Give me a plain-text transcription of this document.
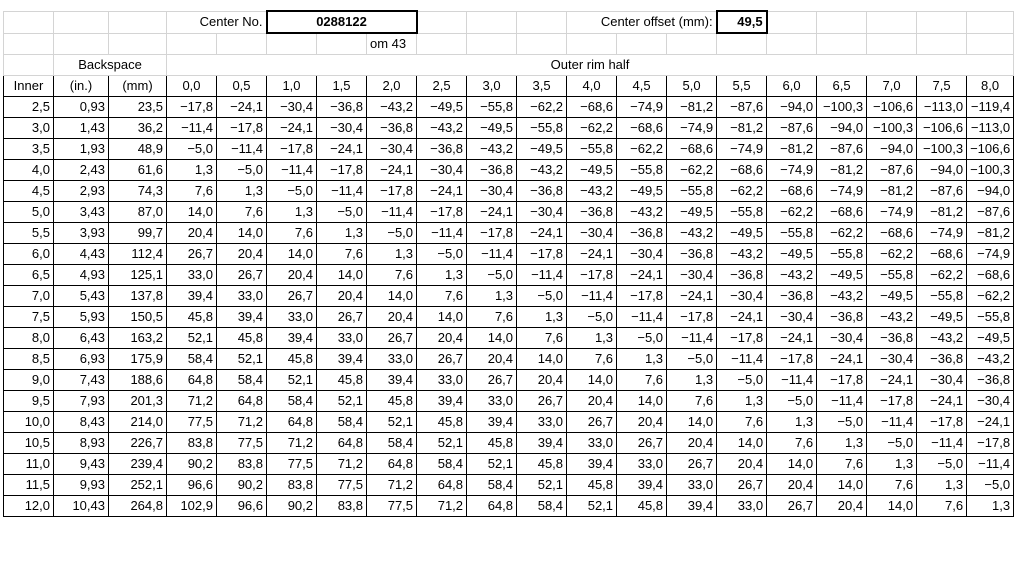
			Center No.		0288122						Center offset (mm):			49,5						
							om 43													
	Backspace		Outer rim half																	
Inner	(in.)	(mm)	0,0	0,5	1,0	1,5	2,0	2,5	3,0	3,5	4,0	4,5	5,0	5,5	6,0	6,5	7,0	7,5	8,0	
2,5	0,93	23,5	−17,8	−24,1	−30,4	−36,8	−43,2	−49,5	−55,8	−62,2	−68,6	−74,9	−81,2	−87,6	−94,0	−100,3	−106,6	−113,0	−119,4	
3,0	1,43	36,2	−11,4	−17,8	−24,1	−30,4	−36,8	−43,2	−49,5	−55,8	−62,2	−68,6	−74,9	−81,2	−87,6	−94,0	−100,3	−106,6	−113,0	
3,5	1,93	48,9	−5,0	−11,4	−17,8	−24,1	−30,4	−36,8	−43,2	−49,5	−55,8	−62,2	−68,6	−74,9	−81,2	−87,6	−94,0	−100,3	−106,6	
4,0	2,43	61,6	1,3	−5,0	−11,4	−17,8	−24,1	−30,4	−36,8	−43,2	−49,5	−55,8	−62,2	−68,6	−74,9	−81,2	−87,6	−94,0	−100,3	
4,5	2,93	74,3	7,6	1,3	−5,0	−11,4	−17,8	−24,1	−30,4	−36,8	−43,2	−49,5	−55,8	−62,2	−68,6	−74,9	−81,2	−87,6	−94,0	
5,0	3,43	87,0	14,0	7,6	1,3	−5,0	−11,4	−17,8	−24,1	−30,4	−36,8	−43,2	−49,5	−55,8	−62,2	−68,6	−74,9	−81,2	−87,6	
5,5	3,93	99,7	20,4	14,0	7,6	1,3	−5,0	−11,4	−17,8	−24,1	−30,4	−36,8	−43,2	−49,5	−55,8	−62,2	−68,6	−74,9	−81,2	
6,0	4,43	112,4	26,7	20,4	14,0	7,6	1,3	−5,0	−11,4	−17,8	−24,1	−30,4	−36,8	−43,2	−49,5	−55,8	−62,2	−68,6	−74,9	
6,5	4,93	125,1	33,0	26,7	20,4	14,0	7,6	1,3	−5,0	−11,4	−17,8	−24,1	−30,4	−36,8	−43,2	−49,5	−55,8	−62,2	−68,6	
7,0	5,43	137,8	39,4	33,0	26,7	20,4	14,0	7,6	1,3	−5,0	−11,4	−17,8	−24,1	−30,4	−36,8	−43,2	−49,5	−55,8	−62,2	
7,5	5,93	150,5	45,8	39,4	33,0	26,7	20,4	14,0	7,6	1,3	−5,0	−11,4	−17,8	−24,1	−30,4	−36,8	−43,2	−49,5	−55,8	
8,0	6,43	163,2	52,1	45,8	39,4	33,0	26,7	20,4	14,0	7,6	1,3	−5,0	−11,4	−17,8	−24,1	−30,4	−36,8	−43,2	−49,5	
8,5	6,93	175,9	58,4	52,1	45,8	39,4	33,0	26,7	20,4	14,0	7,6	1,3	−5,0	−11,4	−17,8	−24,1	−30,4	−36,8	−43,2	
9,0	7,43	188,6	64,8	58,4	52,1	45,8	39,4	33,0	26,7	20,4	14,0	7,6	1,3	−5,0	−11,4	−17,8	−24,1	−30,4	−36,8	
9,5	7,93	201,3	71,2	64,8	58,4	52,1	45,8	39,4	33,0	26,7	20,4	14,0	7,6	1,3	−5,0	−11,4	−17,8	−24,1	−30,4	
10,0	8,43	214,0	77,5	71,2	64,8	58,4	52,1	45,8	39,4	33,0	26,7	20,4	14,0	7,6	1,3	−5,0	−11,4	−17,8	−24,1	
10,5	8,93	226,7	83,8	77,5	71,2	64,8	58,4	52,1	45,8	39,4	33,0	26,7	20,4	14,0	7,6	1,3	−5,0	−11,4	−17,8	
11,0	9,43	239,4	90,2	83,8	77,5	71,2	64,8	58,4	52,1	45,8	39,4	33,0	26,7	20,4	14,0	7,6	1,3	−5,0	−11,4	
11,5	9,93	252,1	96,6	90,2	83,8	77,5	71,2	64,8	58,4	52,1	45,8	39,4	33,0	26,7	20,4	14,0	7,6	1,3	−5,0	
12,0	10,43	264,8	102,9	96,6	90,2	83,8	77,5	71,2	64,8	58,4	52,1	45,8	39,4	33,0	26,7	20,4	14,0	7,6	1,3	
